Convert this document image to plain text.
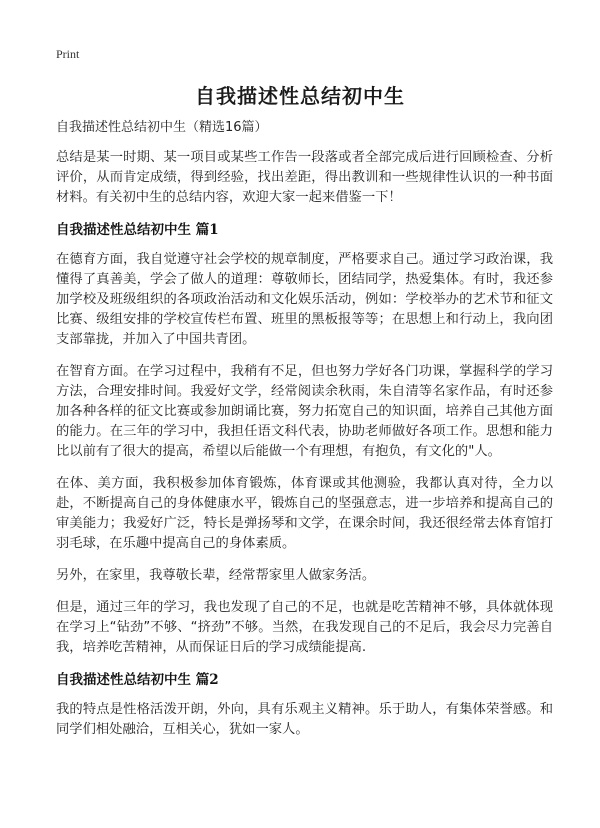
Print
自我描述性总结初中生
自我描述性总结初中生（精选16篇）

总结是某一时期、某一项目或某些工作告一段落或者全部完成后进行回顾检查、分析评价，从而肯定成绩，得到经验，找出差距，得出教训和一些规律性认识的一种书面材料。有关初中生的总结内容，欢迎大家一起来借鉴一下！

自我描述性总结初中生 篇1

在德育方面，我自觉遵守社会学校的规章制度，严格要求自己。通过学习政治课，我懂得了真善美，学会了做人的道理：尊敬师长，团结同学，热爱集体。有时，我还参加学校及班级组织的各项政治活动和文化娱乐活动，例如：学校举办的艺术节和征文比赛、级组安排的学校宣传栏布置、班里的黑板报等等；在思想上和行动上，我向团支部靠拢，并加入了中国共青团。

在智育方面。在学习过程中，我稍有不足，但也努力学好各门功课，掌握科学的学习方法，合理安排时间。我爱好文学，经常阅读余秋雨，朱自清等名家作品，有时还参加各种各样的征文比赛或参加朗诵比赛，努力拓宽自己的知识面，培养自己其他方面的能力。在三年的学习中，我担任语文科代表，协助老师做好各项工作。思想和能力比以前有了很大的提高，希望以后能做一个有理想，有抱负，有文化的"人。

在体、美方面，我积极参加体育锻炼，体育课或其他测验，我都认真对待，全力以赴，不断提高自己的身体健康水平，锻炼自己的坚强意志，进一步培养和提高自己的审美能力；我爱好广泛，特长是弹扬琴和文学，在课余时间，我还很经常去体育馆打羽毛球，在乐趣中提高自己的身体素质。

另外，在家里，我尊敬长辈，经常帮家里人做家务活。

但是，通过三年的学习，我也发现了自己的不足，也就是吃苦精神不够，具体就体现在学习上“钻劲”不够、“挤劲”不够。当然，在我发现自己的不足后，我会尽力完善自我，培养吃苦精神，从而保证日后的学习成绩能提高.

自我描述性总结初中生 篇2

我的特点是性格活泼开朗，外向，具有乐观主义精神。乐于助人，有集体荣誉感。和同学们相处融洽，互相关心，犹如一家人。
